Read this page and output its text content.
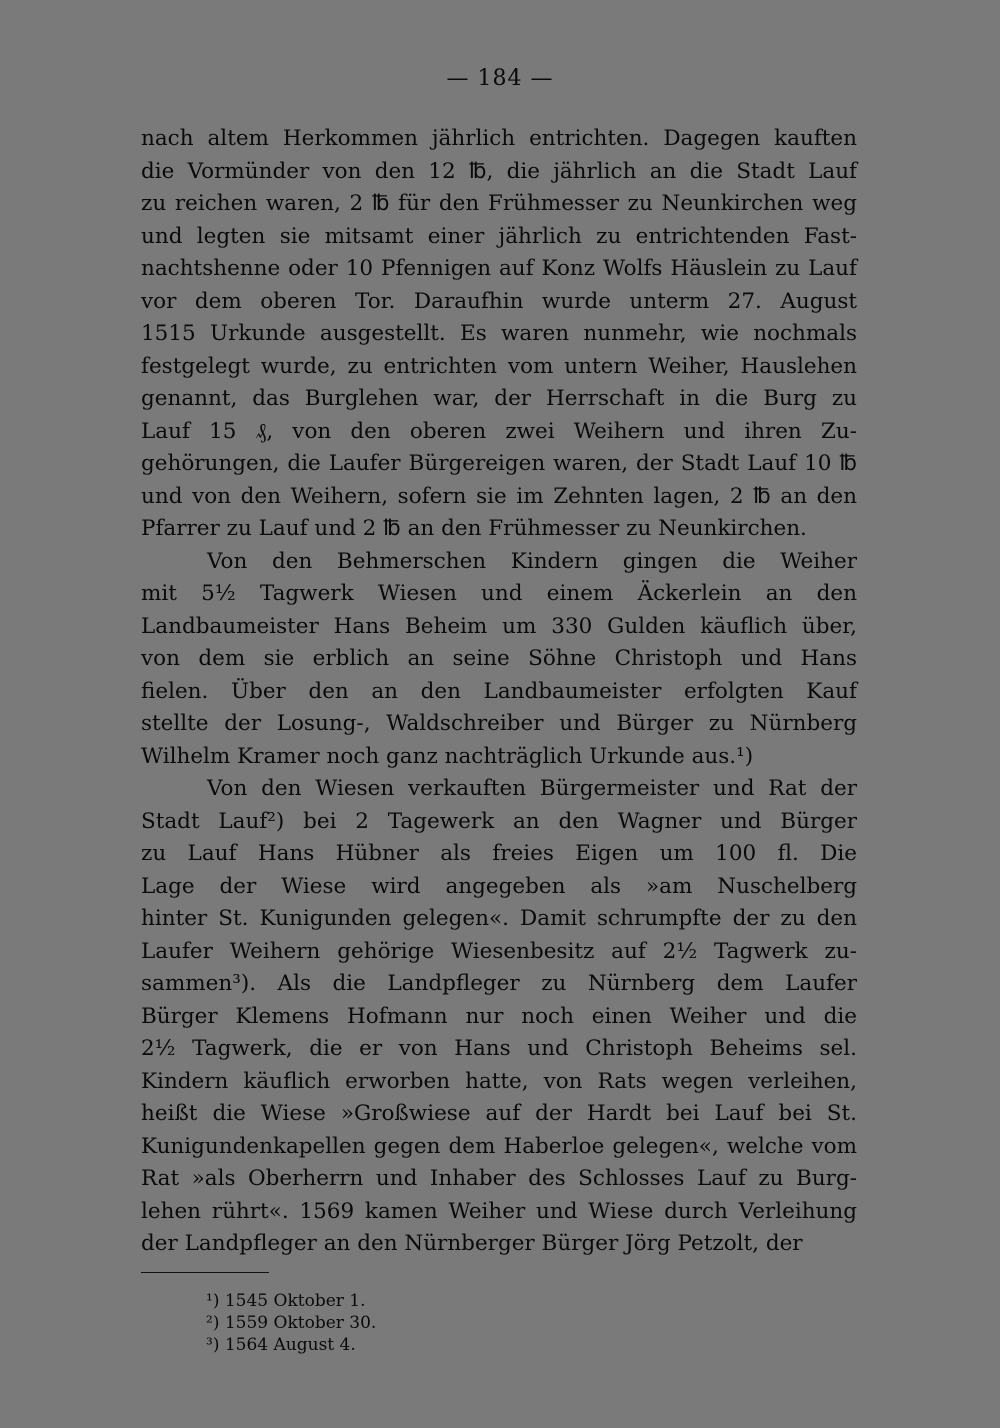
— 184 —
nach altem Herkommen jährlich entrichten. Dagegen kauften
die Vormünder von den 12 ℔, die jährlich an die Stadt Lauf
zu reichen waren, 2 ℔ für den Frühmesser zu Neunkirchen weg
und legten sie mitsamt einer jährlich zu entrichtenden Fast-
nachtshenne oder 10 Pfennigen auf Konz Wolfs Häuslein zu Lauf
vor dem oberen Tor. Daraufhin wurde unterm 27. August
1515 Urkunde ausgestellt. Es waren nunmehr, wie nochmals
festgelegt wurde, zu entrichten vom untern Weiher, Hauslehen
genannt, das Burglehen war, der Herrschaft in die Burg zu
Lauf 15 ₰, von den oberen zwei Weihern und ihren Zu-
gehörungen, die Laufer Bürgereigen waren, der Stadt Lauf 10 ℔
und von den Weihern, sofern sie im Zehnten lagen, 2 ℔ an den
Pfarrer zu Lauf und 2 ℔ an den Frühmesser zu Neunkirchen.
Von den Behmerschen Kindern gingen die Weiher
mit 5½ Tagwerk Wiesen und einem Äckerlein an den
Landbaumeister Hans Beheim um 330 Gulden käuflich über,
von dem sie erblich an seine Söhne Christoph und Hans
fielen. Über den an den Landbaumeister erfolgten Kauf
stellte der Losung-, Waldschreiber und Bürger zu Nürnberg
Wilhelm Kramer noch ganz nachträglich Urkunde aus.¹)
Von den Wiesen verkauften Bürgermeister und Rat der
Stadt Lauf²) bei 2 Tagewerk an den Wagner und Bürger
zu Lauf Hans Hübner als freies Eigen um 100 fl. Die
Lage der Wiese wird angegeben als »am Nuschelberg
hinter St. Kunigunden gelegen«. Damit schrumpfte der zu den
Laufer Weihern gehörige Wiesenbesitz auf 2½ Tagwerk zu-
sammen³). Als die Landpfleger zu Nürnberg dem Laufer
Bürger Klemens Hofmann nur noch einen Weiher und die
2½ Tagwerk, die er von Hans und Christoph Beheims sel.
Kindern käuflich erworben hatte, von Rats wegen verleihen,
heißt die Wiese »Großwiese auf der Hardt bei Lauf bei St.
Kunigundenkapellen gegen dem Haberloe gelegen«, welche vom
Rat »als Oberherrn und Inhaber des Schlosses Lauf zu Burg-
lehen rührt«. 1569 kamen Weiher und Wiese durch Verleihung
der Landpfleger an den Nürnberger Bürger Jörg Petzolt, der
¹) 1545 Oktober 1.
²) 1559 Oktober 30.
³) 1564 August 4.
